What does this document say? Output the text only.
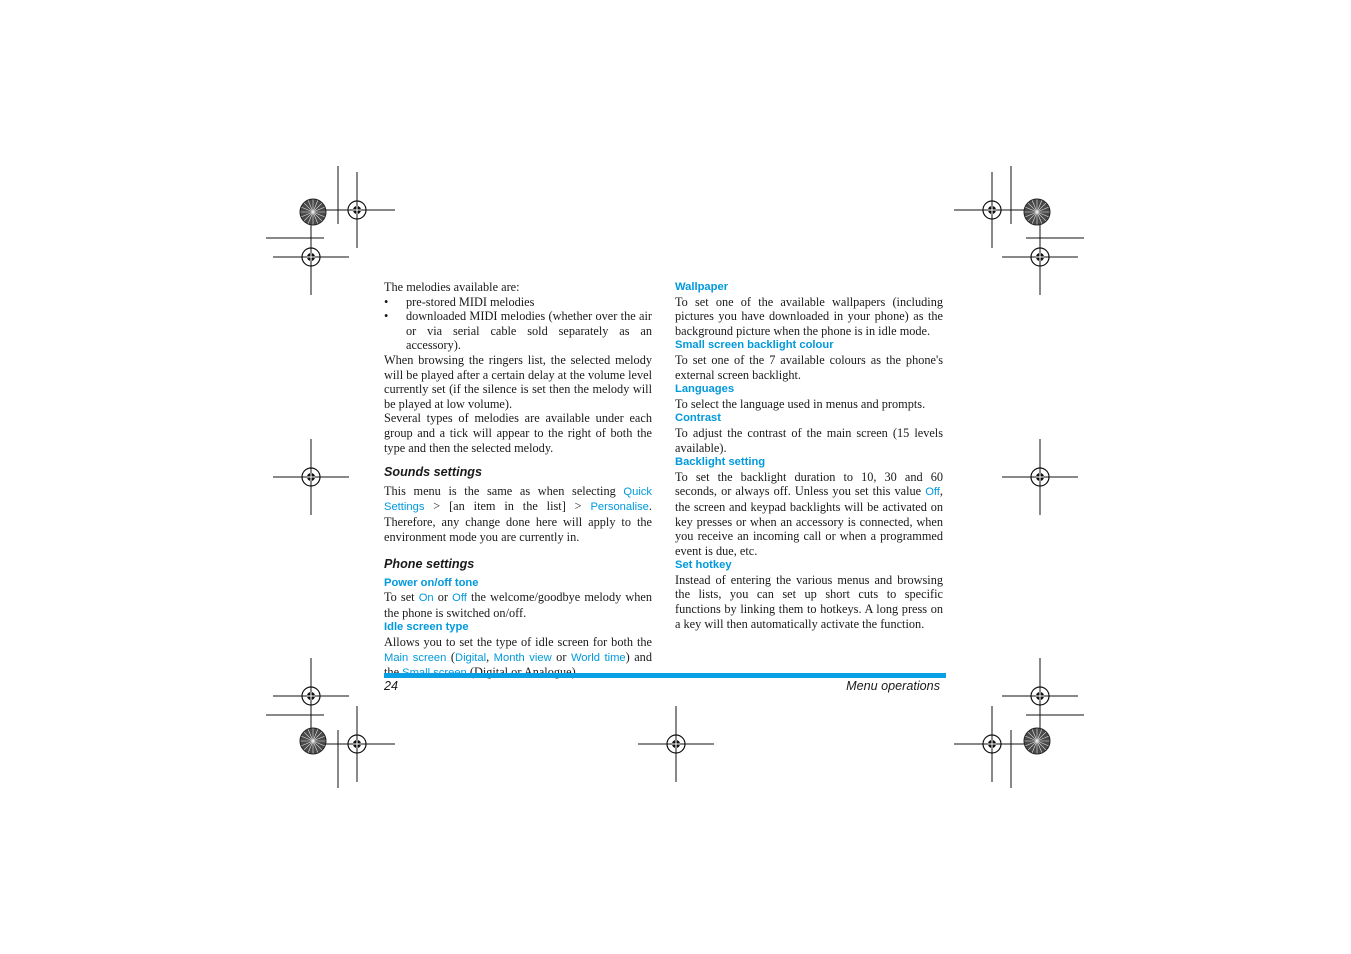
The melodies available are:

• pre-stored MIDI melodies
• downloaded MIDI melodies (whether over the air or via serial cable sold separately as an accessory).

When browsing the ringers list, the selected melody will be played after a certain delay at the volume level currently set (if the silence is set then the melody will be played at low volume).

Several types of melodies are available under each group and a tick will appear to the right of both the type and then the selected melody.

Sounds settings

This menu is the same as when selecting Quick Settings > [an item in the list] > Personalise. Therefore, any change done here will apply to the environment mode you are currently in.

Phone settings
Power on/off tone

To set On or Off the welcome/goodbye melody when the phone is switched on/off.

Idle screen type

Allows you to set the type of idle screen for both the Main screen (Digital, Month view or World time) and

Wallpaper

To set one of the available wallpapers (including pictures you have downloaded in your phone) as the background picture when the phone is in idle mode.

Small screen backlight colour

To set one of the 7 available colours as the phone's external screen backlight.

Languages

To select the language used in menus and prompts.

Contrast

To adjust the contrast of the main screen (15 levels available).

Backlight setting

To set the backlight duration to 10, 30 and 60 seconds, or always off. Unless you set this value Off, the screen and keypad backlights will be activated on key presses or when an accessory is connected, when you receive an incoming call or when a programmed event is due, etc.

Set hotkey

Instead of entering the various menus and browsing the lists, you can set up short cuts to specific functions by linking them to hotkeys. A long press on a key will then automatically activate the function.

24	Menu operations
